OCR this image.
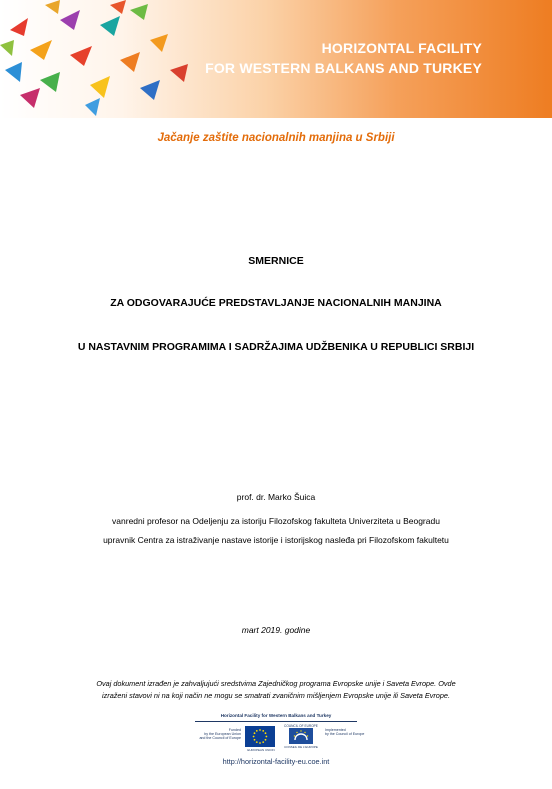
HORIZONTAL FACILITY
FOR WESTERN BALKANS AND TURKEY
Jačanje zaštite nacionalnih manjina u Srbiji
SMERNICE
ZA ODGOVARAJUĆE PREDSTAVLJANJE NACIONALNIH MANJINA
U NASTAVNIM PROGRAMIMA I SADRŽAJIMA UDŽBENIKA U REPUBLICI SRBIJI
prof. dr. Marko Šuica
vanredni profesor na Odeljenju za istoriju Filozofskog fakulteta Univerziteta u Beogradu
upravnik Centra za istraživanje nastave istorije i istorijskog nasleđa pri Filozofskom fakultetu
mart 2019. godine
Ovaj dokument izrađen je zahvaljujući sredstvima Zajedničkog programa Evropske unije i Saveta Evrope. Ovde
izraženi stavovi ni na koji način ne mogu se smatrati zvaničnim mišljenjem Evropske unije ili Saveta Evrope.
Horizontal Facility for Western Balkans and Turkey
Funded
by the European Union
and the Council of Europe
EUROPEAN UNION
COUNCIL OF EUROPE
CONSEIL DE L'EUROPE
Implemented
by the Council of Europe
http://horizontal-facility-eu.coe.int
